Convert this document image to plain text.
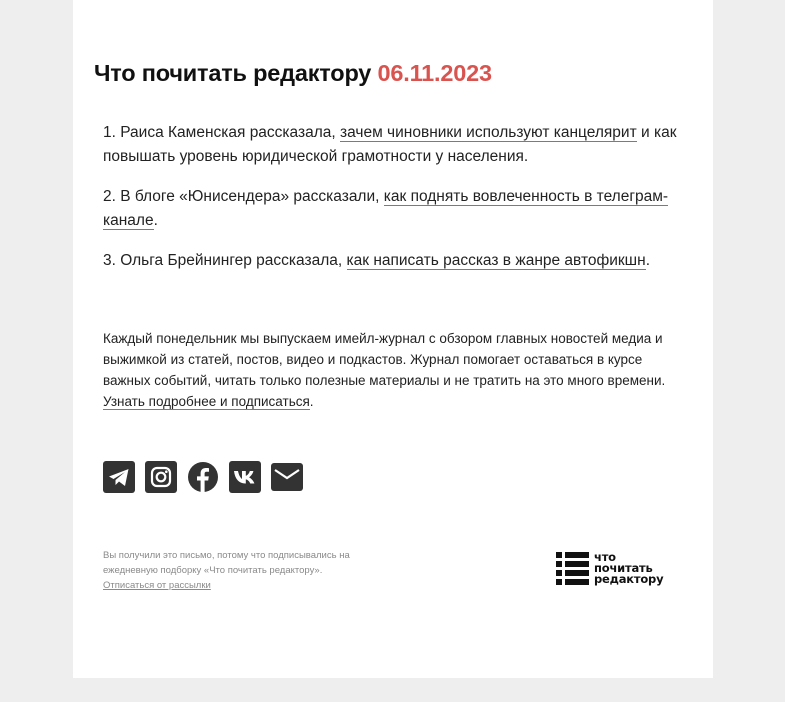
Что почитать редактору 06.11.2023

1. Раиса Каменская рассказала, зачем чиновники используют канцелярит и как повышать уровень юридической грамотности у населения.

2. В блоге «Юнисендера» рассказали, как поднять вовлеченность в телеграм-канале.

3. Ольга Брейнингер рассказала, как написать рассказ в жанре автофикшн.

Каждый понедельник мы выпускаем имейл-журнал с обзором главных новостей медиа и выжимкой из статей, постов, видео и подкастов. Журнал помогает оставаться в курсе важных событий, читать только полезные материалы и не тратить на это много времени. Узнать подробнее и подписаться.

Вы получили это письмо, потому что подписывались на ежедневную подборку «Что почитать редактору».
Отписаться от рассылки

что
почитать
редактору
